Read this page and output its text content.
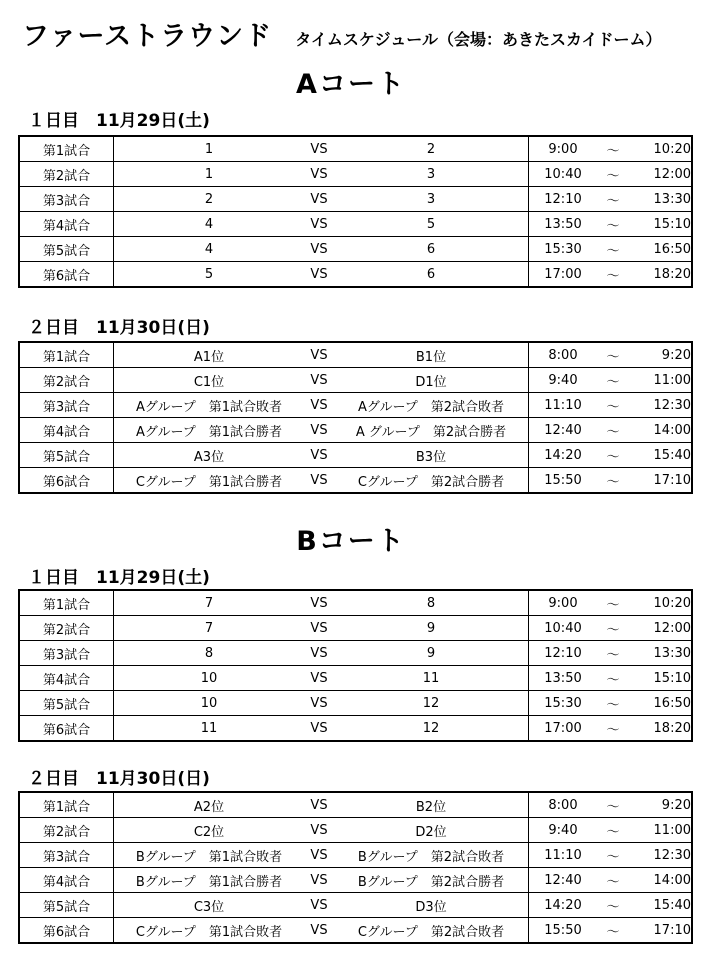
ファーストラウンド タイムスケジュール（会場：あきたスカイドーム）
Aコート
１日目　11月29日(土)
第1試合	1	VS	2	9:00	〜	10:20
第2試合	1	VS	3	10:40	〜	12:00
第3試合	2	VS	3	12:10	〜	13:30
第4試合	4	VS	5	13:50	〜	15:10
第5試合	4	VS	6	15:30	〜	16:50
第6試合	5	VS	6	17:00	〜	18:20
２日目　11月30日(日)
第1試合	A1位	VS	B1位	8:00	〜	9:20
第2試合	C1位	VS	D1位	9:40	〜	11:00
第3試合	Aグループ　第1試合敗者	VS	Aグループ　第2試合敗者	11:10	〜	12:30
第4試合	Aグループ　第1試合勝者	VS	A グループ　第2試合勝者	12:40	〜	14:00
第5試合	A3位	VS	B3位	14:20	〜	15:40
第6試合	Cグループ　第1試合勝者	VS	Cグループ　第2試合勝者	15:50	〜	17:10
Bコート
１日目　11月29日(土)
第1試合	7	VS	8	9:00	〜	10:20
第2試合	7	VS	9	10:40	〜	12:00
第3試合	8	VS	9	12:10	〜	13:30
第4試合	10	VS	11	13:50	〜	15:10
第5試合	10	VS	12	15:30	〜	16:50
第6試合	11	VS	12	17:00	〜	18:20
２日目　11月30日(日)
第1試合	A2位	VS	B2位	8:00	〜	9:20
第2試合	C2位	VS	D2位	9:40	〜	11:00
第3試合	Bグループ　第1試合敗者	VS	Bグループ　第2試合敗者	11:10	〜	12:30
第4試合	Bグループ　第1試合勝者	VS	Bグループ　第2試合勝者	12:40	〜	14:00
第5試合	C3位	VS	D3位	14:20	〜	15:40
第6試合	Cグループ　第1試合敗者	VS	Cグループ　第2試合敗者	15:50	〜	17:10
